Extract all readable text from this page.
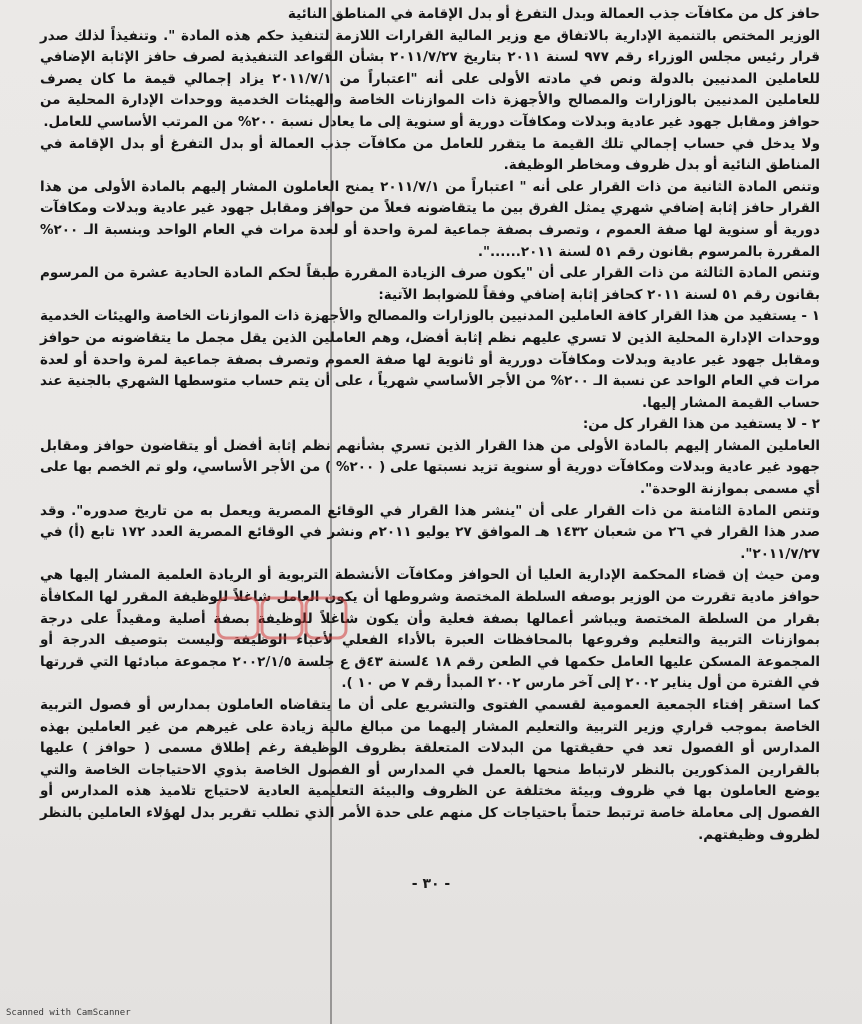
حافز كل من مكافآت جذب العمالة وبدل التفرغ أو بدل الإقامة في المناطق النائية

الوزير المختص بالتنمية الإدارية بالاتفاق مع وزير المالية القرارات اللازمة لتنفيذ حكم هذه المادة ". وتنفيذاً لذلك صدر قرار رئيس مجلس الوزراء رقم ٩٧٧ لسنة ٢٠١١ بتاريخ ٢٠١١/٧/٢٧ بشأن القواعد التنفيذية لصرف حافز الإثابة الإضافي للعاملين المدنيين بالدولة ونص في مادته الأولى على أنه "اعتباراً من ٢٠١١/٧/١ يزاد إجمالي قيمة ما كان يصرف للعاملين المدنيين بالوزارات والمصالح والأجهزة ذات الموازنات الخاصة والهيئات الخدمية ووحدات الإدارة المحلية من حوافز ومقابل جهود غير عادية وبدلات ومكافآت دورية أو سنوية إلى ما يعادل نسبة ٢٠٠% من المرتب الأساسي للعامل.

ولا يدخل في حساب إجمالي تلك القيمة ما يتقرر للعامل من مكافآت جذب العمالة أو بدل التفرغ أو بدل الإقامة في المناطق النائية أو بدل ظروف ومخاطر الوظيفة.

وتنص المادة الثانية من ذات القرار على أنه " اعتباراً من ٢٠١١/٧/١ يمنح العاملون المشار إليهم بالمادة الأولى من هذا القرار حافز إثابة إضافي شهري يمثل الفرق بين ما يتقاضونه فعلاً من حوافز ومقابل جهود غير عادية وبدلات ومكافآت دورية أو سنوية لها صفة العموم ، وتصرف بصفة جماعية لمرة واحدة أو لعدة مرات في العام الواحد وبنسبة الـ ٢٠٠% المقررة بالمرسوم بقانون رقم ٥١ لسنة ٢٠١١......".

وتنص المادة الثالثة من ذات القرار على أن "يكون صرف الزيادة المقررة طبقاً لحكم المادة الحادية عشرة من المرسوم بقانون رقم ٥١ لسنة ٢٠١١ كحافز إثابة إضافي وفقاً للضوابط الآتية:

١ - يستفيد من هذا القرار كافة العاملين المدنيين بالوزارات والمصالح والأجهزة ذات الموازنات الخاصة والهيئات الخدمية ووحدات الإدارة المحلية الذين لا تسري عليهم نظم إثابة أفضل، وهم العاملين الذين يقل مجمل ما يتقاضونه من حوافز ومقابل جهود غير عادية وبدلات ومكافآت دوررية أو ثانوية لها صفة العموم وتصرف بصفة جماعية لمرة واحدة أو لعدة مرات في العام الواحد عن نسبة الـ ٢٠٠% من الأجر الأساسي شهرياً ، على أن يتم حساب متوسطها الشهري بالجنية عند حساب القيمة المشار إليها.

٢ - لا يستفيد من هذا القرار كل من:

العاملين المشار إليهم بالمادة الأولى من هذا القرار الذين تسري بشأنهم نظم إثابة أفضل أو يتقاضون حوافز ومقابل جهود غير عادية وبدلات ومكافآت دورية أو سنوية تزيد نسبتها على ( ٢٠٠% ) من الأجر الأساسي، ولو تم الخصم بها على أي مسمى بموازنة الوحدة".

وتنص المادة الثامنة من ذات القرار على أن "ينشر هذا القرار في الوقائع المصرية ويعمل به من تاريخ صدوره". وقد صدر هذا القرار في ٢٦ من شعبان ١٤٣٢ هـ الموافق ٢٧ يوليو ٢٠١١م ونشر في الوقائع المصرية العدد ١٧٢ تابع (أ) في ٢٠١١/٧/٢٧".

ومن حيث إن قضاء المحكمة الإدارية العليا أن الحوافز ومكافآت الأنشطة التربوية أو الريادة العلمية المشار إليها هي حوافز مادية تقررت من الوزير بوصفه السلطة المختصة وشروطها أن يكون العامل شاغلاً للوظيفة المقرر لها المكافأة بقرار من السلطة المختصة ويباشر أعمالها بصفة فعلية وأن يكون شاغلاً للوظيفة بصفة أصلية ومقيداً على درجة بموازنات التربية والتعليم وفروعها بالمحافظات العبرة بالأداء الفعلي لأعباء الوظيفة وليست بتوصيف الدرجة أو المجموعة المسكن عليها العامل حكمها في الطعن رقم ١٨ ٤لسنة ٤٣ق ع جلسة ٢٠٠٢/١/٥ مجموعة مبادئها التي قررتها في الفترة من أول يناير ٢٠٠٢ إلى آخر مارس ٢٠٠٢ المبدأ رقم ٧ ص ١٠ ).

كما استقر إفتاء الجمعية العمومية لقسمي الفتوى والتشريع على أن ما يتقاضاه العاملون بمدارس أو فصول التربية الخاصة بموجب قراري وزير التربية والتعليم المشار إليهما من مبالغ مالية زيادة على غيرهم من غير العاملين بهذه المدارس أو الفصول تعد في حقيقتها من البدلات المتعلقة بظروف الوظيفة رغم إطلاق مسمى ( حوافز ) عليها بالقرارين المذكورين بالنظر لارتباط منحها بالعمل في المدارس أو الفصول الخاصة بذوي الاحتياجات الخاصة والتي يوضع العاملون بها في ظروف وبيئة مختلفة عن الظروف والبيئة التعليمية العادية لاحتياج تلاميذ هذه المدارس أو الفصول إلى معاملة خاصة ترتبط حتماً باحتياجات كل منهم على حدة الأمر الذي تطلب تقرير بدل لهؤلاء العاملين بالنظر لظروف وظيفتهم.

- ٣٠ -
Scanned with CamScanner
